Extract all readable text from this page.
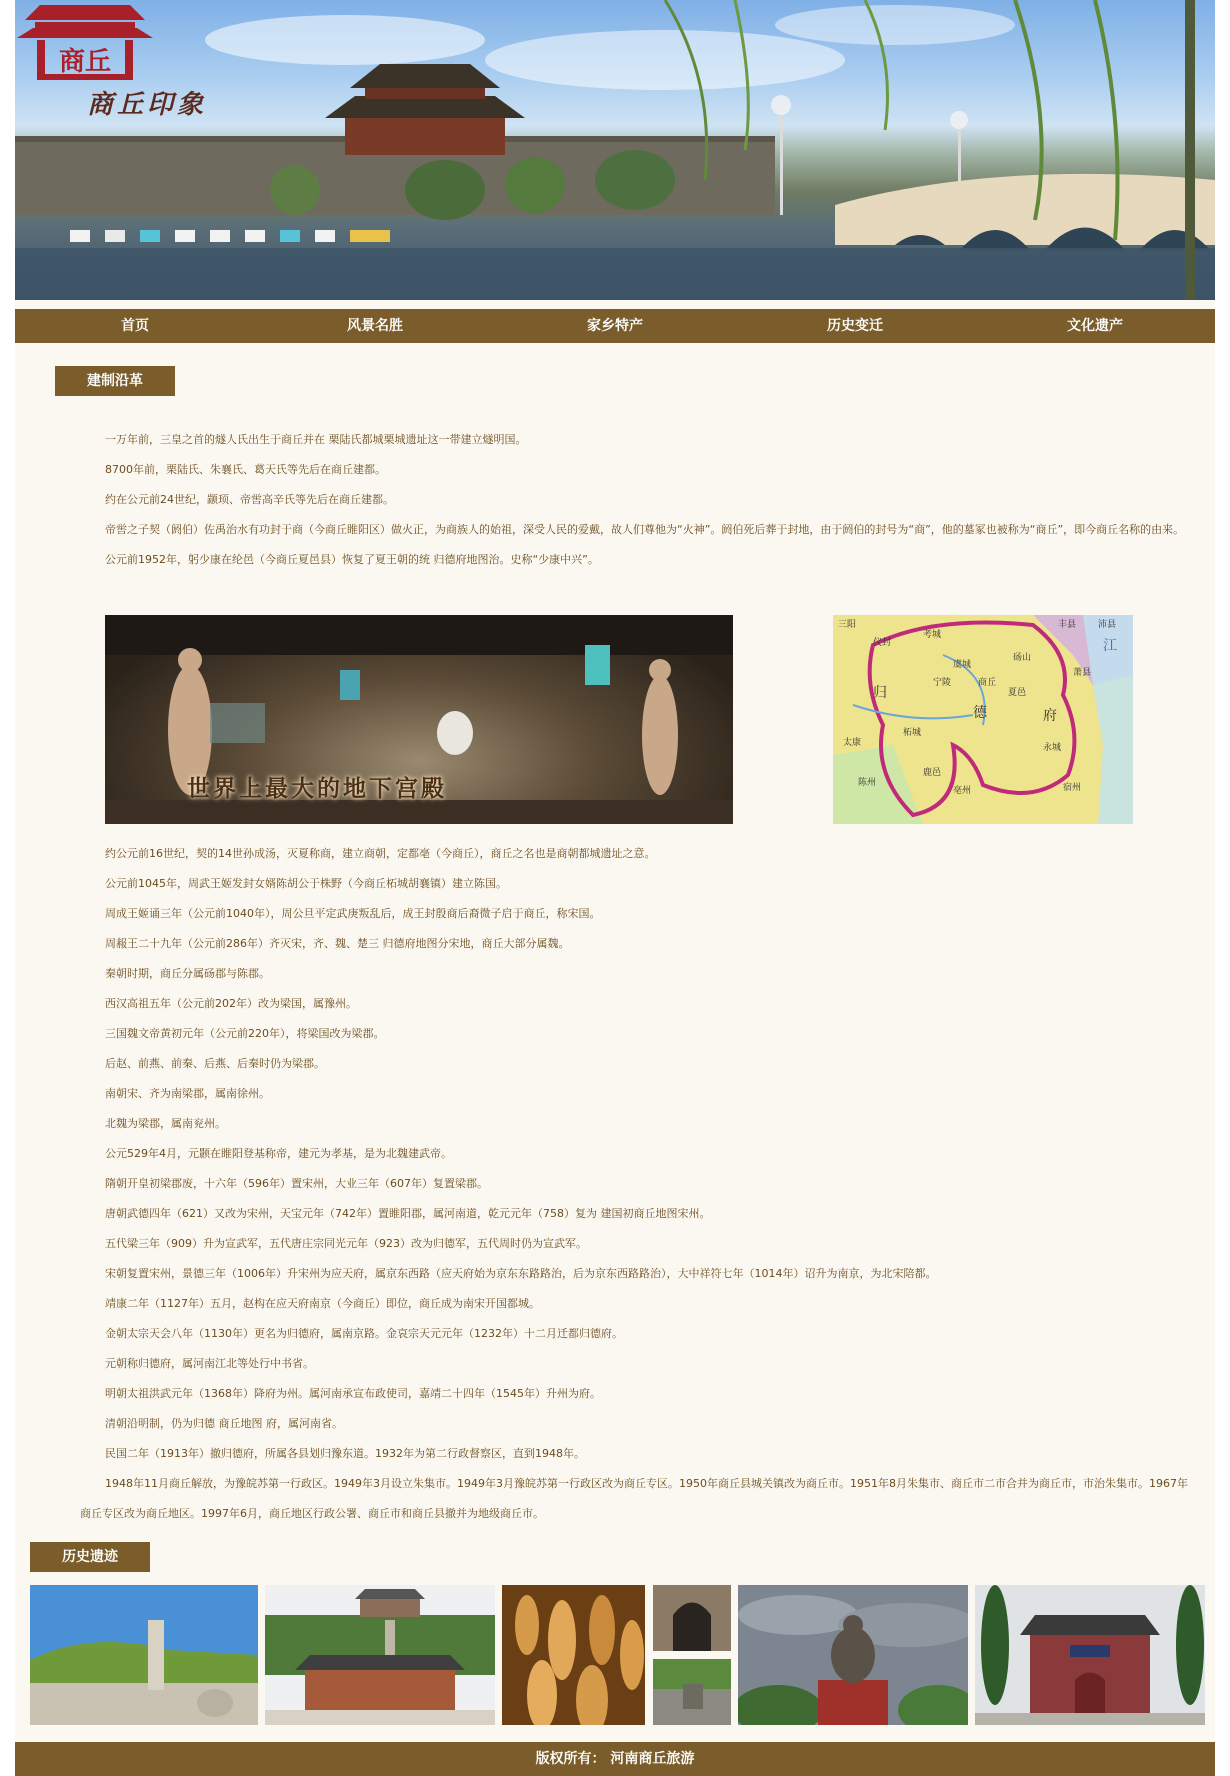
商丘
商丘印象
首页	风景名胜	家乡特产	历史变迁	文化遗产
建制沿革

一万年前，三皇之首的燧人氏出生于商丘并在 栗陆氏都城栗城遗址这一带建立燧明国。

8700年前，栗陆氏、朱襄氏、葛天氏等先后在商丘建都。

约在公元前24世纪，颛顼、帝喾高辛氏等先后在商丘建都。

帝喾之子契（阏伯）佐禹治水有功封于商（今商丘睢阳区）做火正，为商族人的始祖，深受人民的爱戴，故人们尊他为“火神”。阏伯死后葬于封地，由于阏伯的封号为“商”，他的墓冢也被称为“商丘”，即今商丘名称的由来。

公元前1952年，躬少康在纶邑（今商丘夏邑县）恢复了夏王朝的统 归德府地图治。史称“少康中兴”。

世界上最大的地下宫殿
三阳
仪封
考城
虞城
砀山
沛县
夏邑
丰县
江
归
德	府
宁陵
柘城
鹿邑
太康	永城
亳州
陈州
商丘
宿州
萧县

约公元前16世纪，契的14世孙成汤，灭夏称商，建立商朝，定都亳（今商丘），商丘之名也是商朝都城遗址之意。

公元前1045年，周武王姬发封女婿陈胡公于株野（今商丘柘城胡襄镇）建立陈国。

周成王姬诵三年（公元前1040年），周公旦平定武庚叛乱后，成王封殷商后裔微子启于商丘，称宋国。

周赧王二十九年（公元前286年）齐灭宋，齐、魏、楚三 归德府地图分宋地，商丘大部分属魏。

秦朝时期，商丘分属砀郡与陈郡。

西汉高祖五年（公元前202年）改为梁国，属豫州。

三国魏文帝黄初元年（公元前220年），将梁国改为梁郡。

后赵、前燕、前秦、后燕、后秦时仍为梁郡。

南朝宋、齐为南梁郡，属南徐州。

北魏为梁郡，属南兖州。

公元529年4月，元颢在睢阳登基称帝，建元为孝基，是为北魏建武帝。

隋朝开皇初梁郡废，十六年（596年）置宋州，大业三年（607年）复置梁郡。

唐朝武德四年（621）又改为宋州，天宝元年（742年）置睢阳郡，属河南道，乾元元年（758）复为 建国初商丘地图宋州。

五代梁三年（909）升为宣武军，五代唐庄宗同光元年（923）改为归德军，五代周时仍为宣武军。

宋朝复置宋州，景德三年（1006年）升宋州为应天府，属京东西路（应天府始为京东东路路治，后为京东西路路治），大中祥符七年（1014年）诏升为南京，为北宋陪都。

靖康二年（1127年）五月，赵构在应天府南京（今商丘）即位，商丘成为南宋开国都城。

金朝太宗天会八年（1130年）更名为归德府，属南京路。金哀宗天元元年（1232年）十二月迁都归德府。

元朝称归德府，属河南江北等处行中书省。

明朝太祖洪武元年（1368年）降府为州。属河南承宣布政使司，嘉靖二十四年（1545年）升州为府。

清朝沿明制，仍为归德 商丘地图 府，属河南省。

民国二年（1913年）撤归德府，所属各县划归豫东道。1932年为第二行政督察区，直到1948年。

1948年11月商丘解放，为豫皖苏第一行政区。1949年3月设立朱集市。1949年3月豫皖苏第一行政区改为商丘专区。1950年商丘县城关镇改为商丘市。1951年8月朱集市、商丘市二市合并为商丘市，市治朱集市。1967年商丘专区改为商丘地区。1997年6月，商丘地区行政公署、商丘市和商丘县撤并为地级商丘市。

历史遗迹
版权所有： 河南商丘旅游
